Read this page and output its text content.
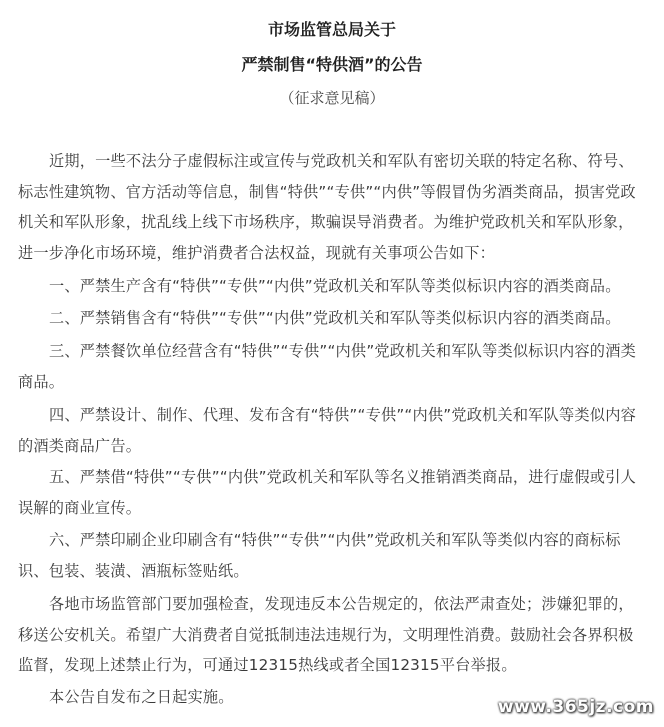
市场监管总局关于
严禁制售“特供酒”的公告
（征求意见稿）
近期，一些不法分子虚假标注或宣传与党政机关和军队有密切关联的特定名称、符号、标志性建筑物、官方活动等信息，制售“特供”“专供”“内供”等假冒伪劣酒类商品，损害党政机关和军队形象，扰乱线上线下市场秩序，欺骗误导消费者。为维护党政机关和军队形象，进一步净化市场环境，维护消费者合法权益，现就有关事项公告如下：
一、严禁生产含有“特供”“专供”“内供”党政机关和军队等类似标识内容的酒类商品。
二、严禁销售含有“特供”“专供”“内供”党政机关和军队等类似标识内容的酒类商品。
三、严禁餐饮单位经营含有“特供”“专供”“内供”党政机关和军队等类似标识内容的酒类商品。
四、严禁设计、制作、代理、发布含有“特供”“专供”“内供”党政机关和军队等类似内容的酒类商品广告。
五、严禁借“特供”“专供”“内供”党政机关和军队等名义推销酒类商品，进行虚假或引人误解的商业宣传。
六、严禁印刷企业印刷含有“特供”“专供”“内供”党政机关和军队等类似内容的商标标识、包装、装潢、酒瓶标签贴纸。
各地市场监管部门要加强检查，发现违反本公告规定的，依法严肃查处；涉嫌犯罪的，移送公安机关。希望广大消费者自觉抵制违法违规行为，文明理性消费。鼓励社会各界积极监督，发现上述禁止行为，可通过12315热线或者全国12315平台举报。
本公告自发布之日起实施。	www.365jz.com
